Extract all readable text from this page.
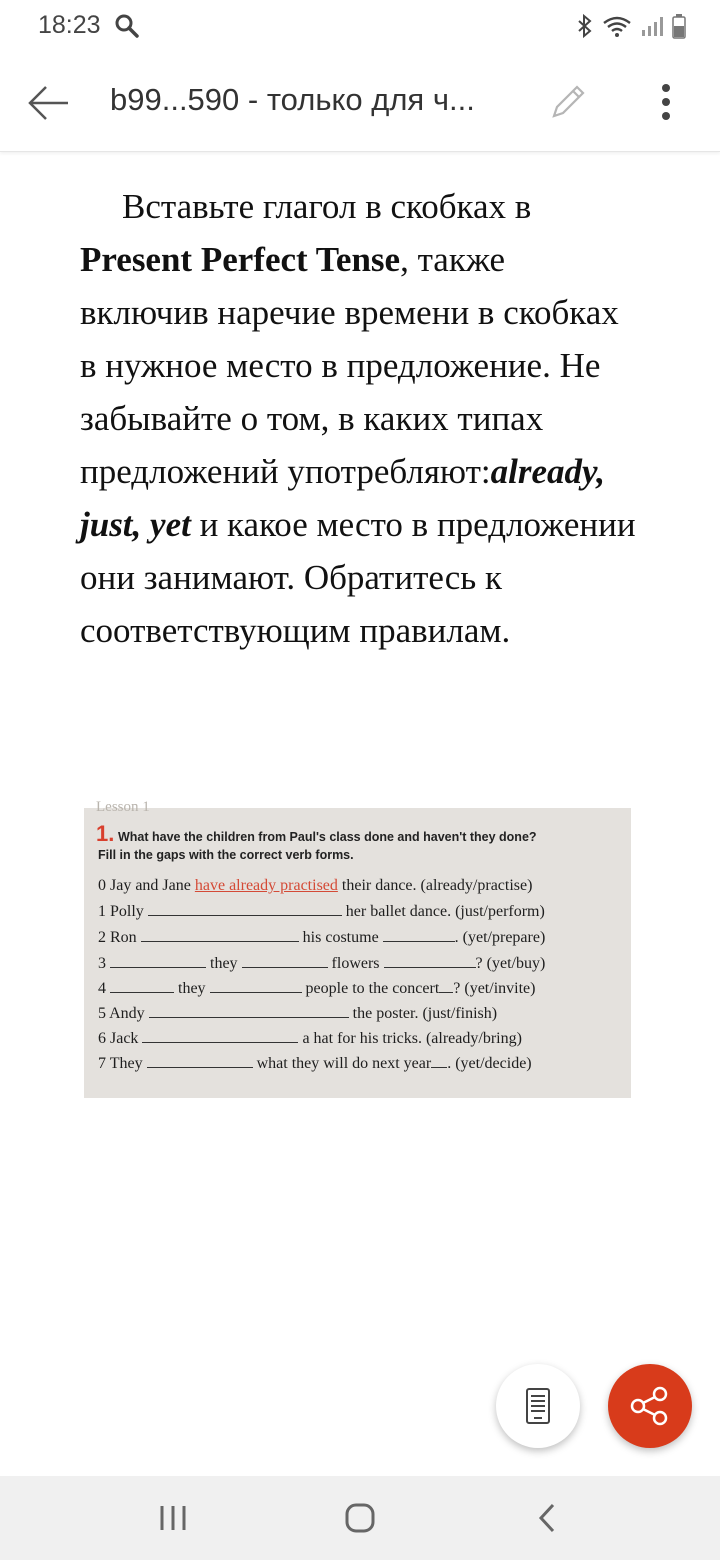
18:23
b99...590 - только для ч...

Вставьте глагол в скобках в Present Perfect Tense, также включив наречие времени в скобках в нужное место в предложение. Не забывайте о том, в каких типах предложений употребляют:already, just, yet и какое место в предложении они занимают. Обратитесь к соответствующим правилам.

Lesson 1
1. What have the children from Paul's class done and haven't they done?
Fill in the gaps with the correct verb forms.
0 Jay and Jane have already practised their dance. (already/practise)
1 Polly	her ballet dance. (just/perform)
2 Ron	his costume	. (yet/prepare)
3	they	flowers	? (yet/buy)
4	they	people to the concert ? (yet/invite)
5 Andy	the poster. (just/finish)
6 Jack	a hat for his tricks. (already/bring)
7 They	what they will do next year . (yet/decide)
